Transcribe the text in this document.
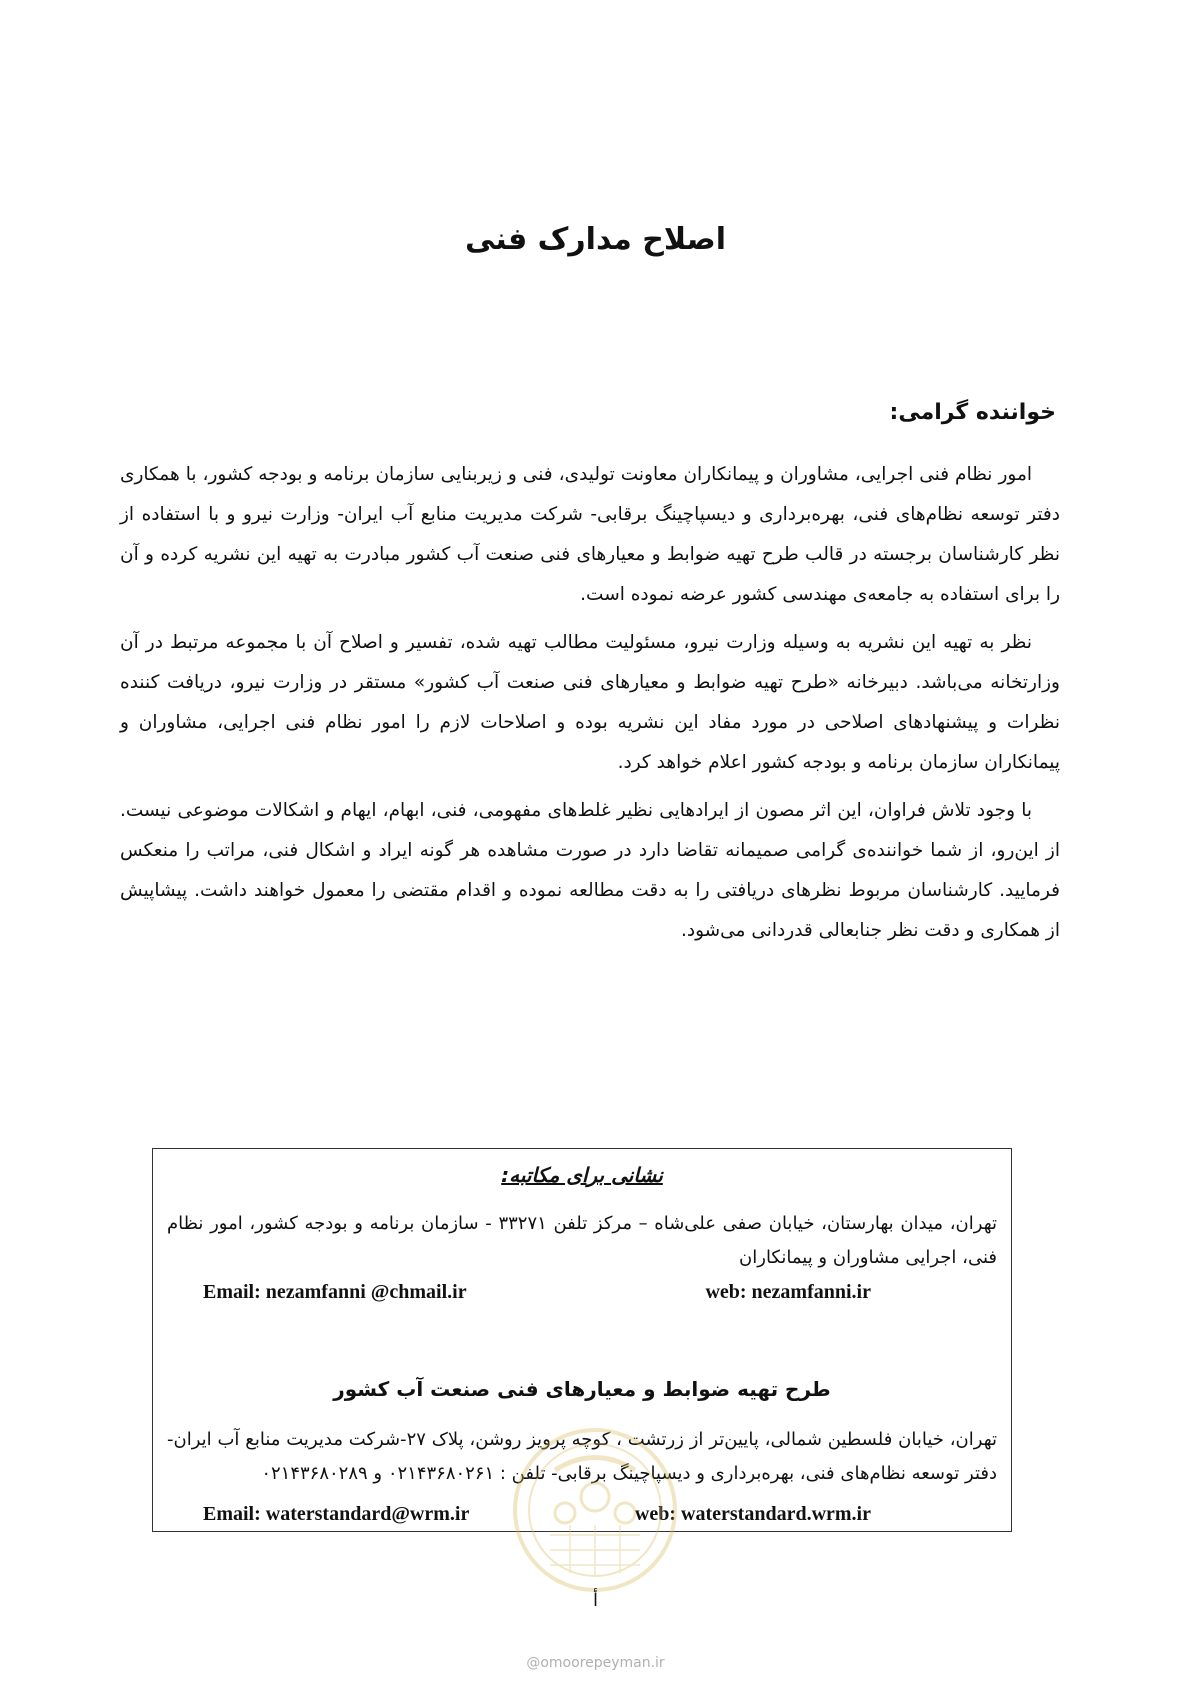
اصلاح مدارک فنی
خواننده گرامی:

امور نظام فنی اجرایی، مشاوران و پیمانکاران معاونت تولیدی، فنی و زیربنایی سازمان برنامه و بودجه کشور، با همکاری دفتر توسعه نظام‌های فنی، بهره‌برداری و دیسپاچینگ برقابی- شرکت مدیریت منابع آب ایران- وزارت نیرو و با استفاده از نظر کارشناسان برجسته در قالب طرح تهیه ضوابط و معیارهای فنی صنعت آب کشور مبادرت به تهیه این نشریه کرده و آن را برای استفاده به جامعه‌ی مهندسی کشور عرضه نموده است.

نظر به تهیه این نشریه به وسیله وزارت نیرو، مسئولیت مطالب تهیه شده، تفسیر و اصلاح آن با مجموعه مرتبط در آن وزارتخانه می‌باشد. دبیرخانه «طرح تهیه ضوابط و معیارهای فنی صنعت آب کشور» مستقر در وزارت نیرو، دریافت کننده نظرات و پیشنهادهای اصلاحی در مورد مفاد این نشریه بوده و اصلاحات لازم را امور نظام فنی اجرایی، مشاوران و پیمانکاران سازمان برنامه و بودجه کشور اعلام خواهد کرد.

با وجود تلاش فراوان، این اثر مصون از ایرادهایی نظیر غلط‌های مفهومی، فنی، ابهام، ایهام و اشکالات موضوعی نیست. از این‌رو، از شما خواننده‌ی گرامی صمیمانه تقاضا دارد در صورت مشاهده هر گونه ایراد و اشکال فنی، مراتب را منعکس فرمایید. کارشناسان مربوط نظرهای دریافتی را به دقت مطالعه نموده و اقدام مقتضی را معمول خواهند داشت. پیشاپیش از همکاری و دقت نظر جنابعالی قدردانی می‌شود.

نشانی برای مکاتبه:
تهران، میدان بهارستان، خیابان صفی علی‌شاه – مرکز تلفن ۳۳۲۷۱ - سازمان برنامه و بودجه کشور، امور نظام فنی، اجرایی مشاوران و پیمانکاران
Email: nezamfanni @chmail.ir	web: nezamfanni.ir
طرح تهیه ضوابط و معیارهای فنی صنعت آب کشور
تهران، خیابان فلسطین شمالی، پایین‌تر از زرتشت ، کوچه پرویز روشن، پلاک ۲۷-شرکت مدیریت منابع آب ایران- دفتر توسعه نظام‌های فنی، بهره‌برداری و دیسپاچینگ برقابی- تلفن : ۰۲۱۴۳۶۸۰۲۶۱ و ۰۲۱۴۳۶۸۰۲۸۹
Email: waterstandard@wrm.ir	web: waterstandard.wrm.ir
أ
@omoorepeyman.ir
